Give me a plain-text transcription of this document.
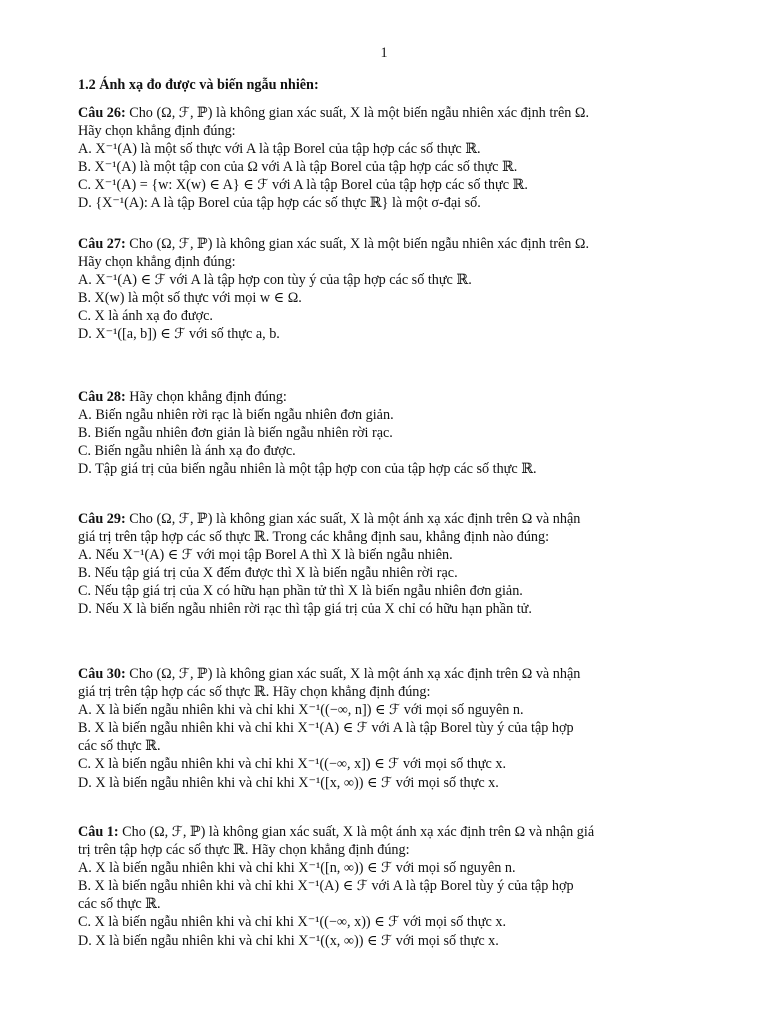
1
1.2 Ánh xạ đo được và biến ngẫu nhiên:
Câu 26: Cho (Ω, ℱ, ℙ) là không gian xác suất, X là một biến ngẫu nhiên xác định trên Ω.
Hãy chọn khẳng định đúng:
A. X⁻¹(A) là một số thực với A là tập Borel của tập hợp các số thực ℝ.
B. X⁻¹(A) là một tập con của Ω với A là tập Borel của tập hợp các số thực ℝ.
C. X⁻¹(A) = {w: X(w) ∈ A} ∈ ℱ với A là tập Borel của tập hợp các số thực ℝ.
D. {X⁻¹(A): A là tập Borel của tập hợp các số thực ℝ} là một σ-đại số.
Câu 27: Cho (Ω, ℱ, ℙ) là không gian xác suất, X là một biến ngẫu nhiên xác định trên Ω.
Hãy chọn khẳng định đúng:
A. X⁻¹(A) ∈ ℱ với A là tập hợp con tùy ý của tập hợp các số thực ℝ.
B. X(w) là một số thực với mọi w ∈ Ω.
C. X là ánh xạ đo được.
D. X⁻¹([a, b]) ∈ ℱ với số thực a, b.
Câu 28: Hãy chọn khẳng định đúng:
A. Biến ngẫu nhiên rời rạc là biến ngẫu nhiên đơn giản.
B. Biến ngẫu nhiên đơn giản là biến ngẫu nhiên rời rạc.
C. Biến ngẫu nhiên là ánh xạ đo được.
D. Tập giá trị của biến ngẫu nhiên là một tập hợp con của tập hợp các số thực ℝ.
Câu 29: Cho (Ω, ℱ, ℙ) là không gian xác suất, X là một ánh xạ xác định trên Ω và nhận
giá trị trên tập hợp các số thực ℝ. Trong các khẳng định sau, khẳng định nào đúng:
A. Nếu X⁻¹(A) ∈ ℱ với mọi tập Borel A thì X là biến ngẫu nhiên.
B. Nếu tập giá trị của X đếm được thì X là biến ngẫu nhiên rời rạc.
C. Nếu tập giá trị của X có hữu hạn phần tử thì X là biến ngẫu nhiên đơn giản.
D. Nếu X là biến ngẫu nhiên rời rạc thì tập giá trị của X chỉ có hữu hạn phần tử.
Câu 30: Cho (Ω, ℱ, ℙ) là không gian xác suất, X là một ánh xạ xác định trên Ω và nhận
giá trị trên tập hợp các số thực ℝ. Hãy chọn khẳng định đúng:
A. X là biến ngẫu nhiên khi và chỉ khi X⁻¹((−∞, n]) ∈ ℱ với mọi số nguyên n.
B. X là biến ngẫu nhiên khi và chỉ khi X⁻¹(A) ∈ ℱ với A là tập Borel tùy ý của tập hợp
các số thực ℝ.
C. X là biến ngẫu nhiên khi và chỉ khi X⁻¹((−∞, x]) ∈ ℱ với mọi số thực x.
D. X là biến ngẫu nhiên khi và chỉ khi X⁻¹([x, ∞)) ∈ ℱ với mọi số thực x.
Câu 1: Cho (Ω, ℱ, ℙ) là không gian xác suất, X là một ánh xạ xác định trên Ω và nhận giá
trị trên tập hợp các số thực ℝ. Hãy chọn khẳng định đúng:
A. X là biến ngẫu nhiên khi và chỉ khi X⁻¹([n, ∞)) ∈ ℱ với mọi số nguyên n.
B. X là biến ngẫu nhiên khi và chỉ khi X⁻¹(A) ∈ ℱ với A là tập Borel tùy ý của tập hợp
các số thực ℝ.
C. X là biến ngẫu nhiên khi và chỉ khi X⁻¹((−∞, x)) ∈ ℱ với mọi số thực x.
D. X là biến ngẫu nhiên khi và chỉ khi X⁻¹((x, ∞)) ∈ ℱ với mọi số thực x.
